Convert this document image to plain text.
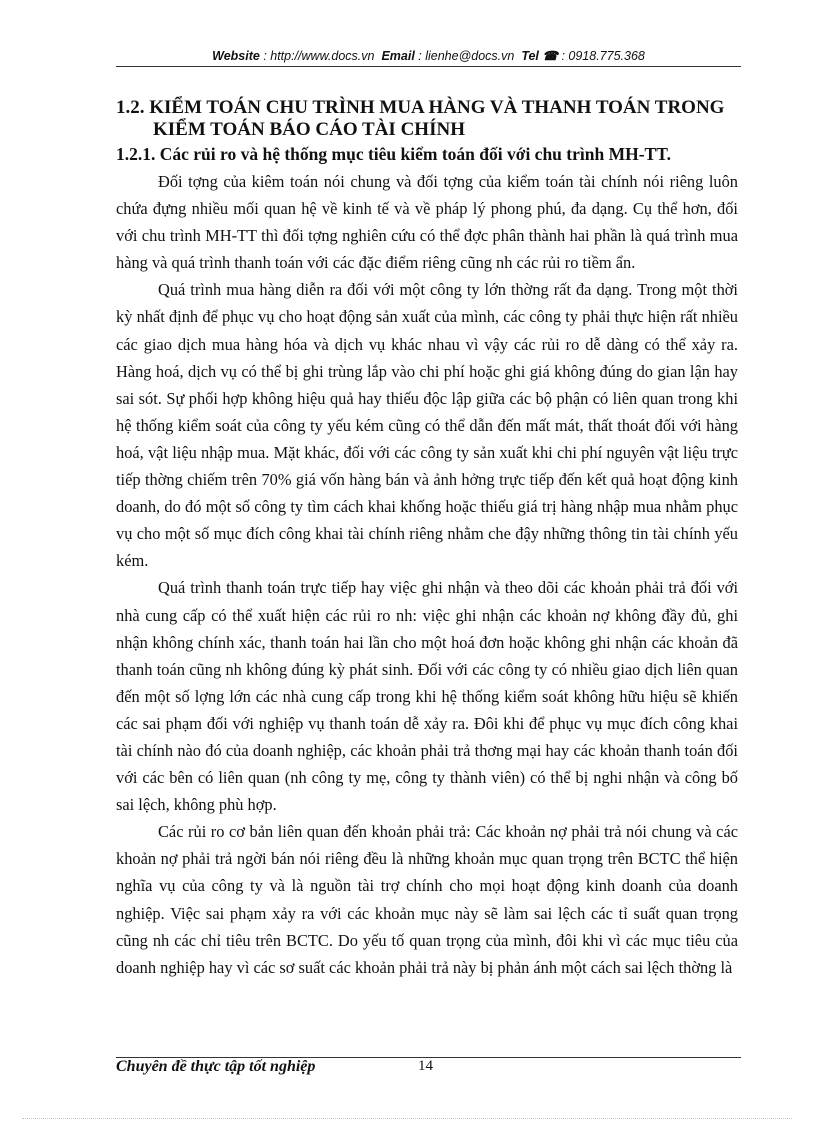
Website : http://www.docs.vn Email : lienhe@docs.vn Tel ☎ : 0918.775.368
1.2. KIỂM TOÁN CHU TRÌNH MUA HÀNG VÀ THANH TOÁN TRONG
KIỂM TOÁN BÁO CÁO TÀI CHÍNH
1.2.1. Các rủi ro và hệ thống mục tiêu kiểm toán đối với chu trình MH-TT.

Đối tợng của kiêm toán nói chung và đối tợng của kiểm toán tài chính nói riêng luôn chứa đựng nhiều mối quan hệ về kinh tế và về pháp lý phong phú, đa dạng. Cụ thể hơn, đối với chu trình MH-TT thì đối tợng nghiên cứu có thể đợc phân thành hai phần là quá trình mua hàng và quá trình thanh toán với các đặc điểm riêng cũng nh các rủi ro tiềm ẩn.

Quá trình mua hàng diễn ra đối với một công ty lớn thờng rất đa dạng. Trong một thời kỳ nhất định để phục vụ cho hoạt động sản xuất của mình, các công ty phải thực hiện rất nhiều các giao dịch mua hàng hóa và dịch vụ khác nhau vì vậy các rủi ro dễ dàng có thể xảy ra. Hàng hoá, dịch vụ có thể bị ghi trùng lắp vào chi phí hoặc ghi giá không đúng do gian lận hay sai sót. Sự phối hợp không hiệu quả hay thiếu độc lập giữa các bộ phận có liên quan trong khi hệ thống kiểm soát của công ty yếu kém cũng có thể dẫn đến mất mát, thất thoát đối với hàng hoá, vật liệu nhập mua. Mặt khác, đối với các công ty sản xuất khi chi phí nguyên vật liệu trực tiếp thờng chiếm trên 70% giá vốn hàng bán và ảnh hởng trực tiếp đến kết quả hoạt động kinh doanh, do đó một số công ty tìm cách khai khống hoặc thiếu giá trị hàng nhập mua nhằm phục vụ cho một số mục đích công khai tài chính riêng nhằm che đậy những thông tin tài chính yếu kém.

Quá trình thanh toán trực tiếp hay việc ghi nhận và theo dõi các khoản phải trả đối với nhà cung cấp có thể xuất hiện các rủi ro nh: việc ghi nhận các khoản nợ không đầy đủ, ghi nhận không chính xác, thanh toán hai lần cho một hoá đơn hoặc không ghi nhận các khoản đã thanh toán cũng nh không đúng kỳ phát sinh. Đối với các công ty có nhiều giao dịch liên quan đến một số lợng lớn các nhà cung cấp trong khi hệ thống kiểm soát không hữu hiệu sẽ khiến các sai phạm đối với nghiệp vụ thanh toán dễ xảy ra. Đôi khi để phục vụ mục đích công khai tài chính nào đó của doanh nghiệp, các khoản phải trả thơng mại hay các khoản thanh toán đối với các bên có liên quan (nh công ty mẹ, công ty thành viên) có thể bị nghi nhận và công bố sai lệch, không phù hợp.

Các rủi ro cơ bản liên quan đến khoản phải trả: Các khoản nợ phải trả nói chung và các khoản nợ phải trả ngời bán nói riêng đều là những khoản mục quan trọng trên BCTC thể hiện nghĩa vụ của công ty và là nguồn tài trợ chính cho mọi hoạt động kinh doanh của doanh nghiệp. Việc sai phạm xảy ra với các khoản mục này sẽ làm sai lệch các tỉ suất quan trọng cũng nh các chỉ tiêu trên BCTC. Do yếu tố quan trọng của mình, đôi khi vì các mục tiêu của doanh nghiệp hay vì các sơ suất các khoản phải trả này bị phản ánh một cách sai lệch thờng là

Chuyên đề thực tập tốt nghiệp	14
